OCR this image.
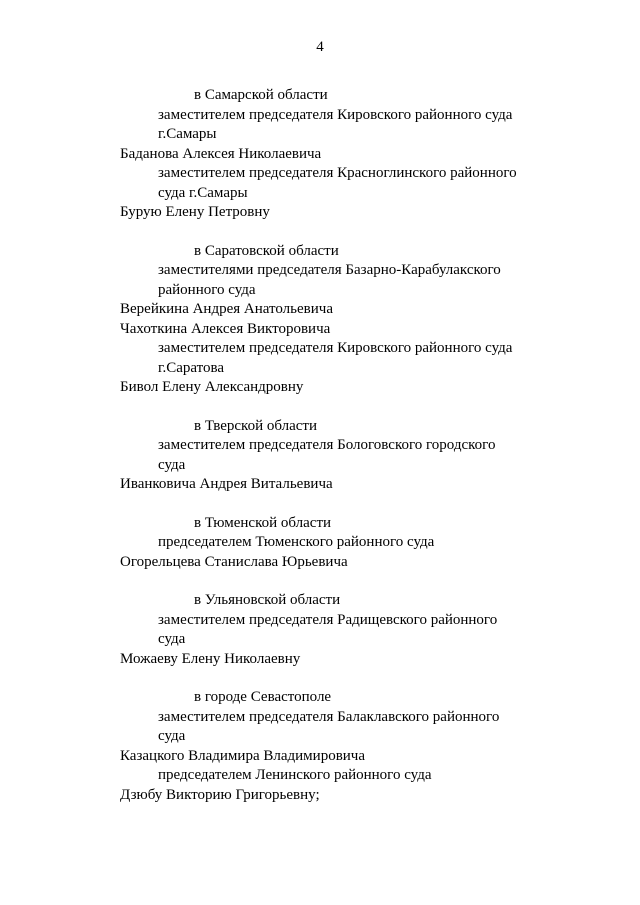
4
в Самарской области
заместителем председателя Кировского районного суда
г.Самары
Баданова Алексея Николаевича
заместителем председателя Красноглинского районного
суда г.Самары
Бурую Елену Петровну
в Саратовской области
заместителями председателя Базарно-Карабулакского
районного суда
Верейкина Андрея Анатольевича
Чахоткина Алексея Викторовича
заместителем председателя Кировского районного суда
г.Саратова
Бивол Елену Александровну
в Тверской области
заместителем председателя Бологовского городского
суда
Иванковича Андрея Витальевича
в Тюменской области
председателем Тюменского районного суда
Огорельцева Станислава Юрьевича
в Ульяновской области
заместителем председателя Радищевского районного
суда
Можаеву Елену Николаевну
в городе Севастополе
заместителем председателя Балаклавского районного
суда
Казацкого Владимира Владимировича
председателем Ленинского районного суда
Дзюбу Викторию Григорьевну;
